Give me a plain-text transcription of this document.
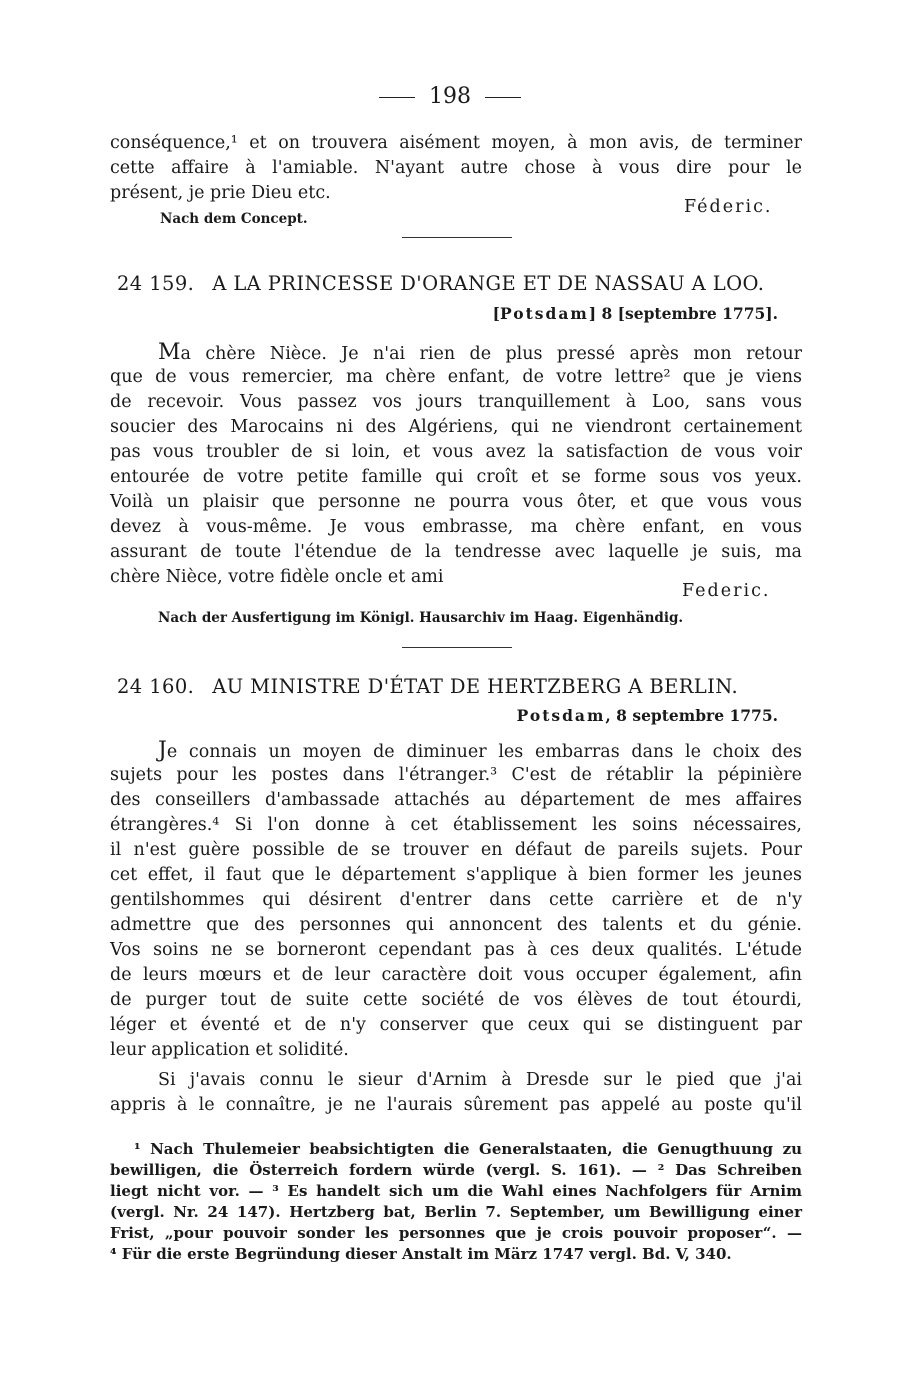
198
conséquence,¹ et on trouvera aisément moyen, à mon avis, de terminer
cette affaire à l'amiable. N'ayant autre chose à vous dire pour le
présent, je prie Dieu etc.
Féderic.
Nach dem Concept.
24 159. A LA PRINCESSE D'ORANGE ET DE NASSAU A LOO.
[Potsdam] 8 [septembre 1775].
Ma chère Nièce. Je n'ai rien de plus pressé après mon retour
que de vous remercier, ma chère enfant, de votre lettre² que je viens
de recevoir. Vous passez vos jours tranquillement à Loo, sans vous
soucier des Marocains ni des Algériens, qui ne viendront certainement
pas vous troubler de si loin, et vous avez la satisfaction de vous voir
entourée de votre petite famille qui croît et se forme sous vos yeux.
Voilà un plaisir que personne ne pourra vous ôter, et que vous vous
devez à vous-même. Je vous embrasse, ma chère enfant, en vous
assurant de toute l'étendue de la tendresse avec laquelle je suis, ma
chère Nièce, votre fidèle oncle et ami
Federic.
Nach der Ausfertigung im Königl. Hausarchiv im Haag. Eigenhändig.
24 160. AU MINISTRE D'ÉTAT DE HERTZBERG A BERLIN.
Potsdam, 8 septembre 1775.
Je connais un moyen de diminuer les embarras dans le choix des
sujets pour les postes dans l'étranger.³ C'est de rétablir la pépinière
des conseillers d'ambassade attachés au département de mes affaires
étrangères.⁴ Si l'on donne à cet établissement les soins nécessaires,
il n'est guère possible de se trouver en défaut de pareils sujets. Pour
cet effet, il faut que le département s'applique à bien former les jeunes
gentilshommes qui désirent d'entrer dans cette carrière et de n'y
admettre que des personnes qui annoncent des talents et du génie.
Vos soins ne se borneront cependant pas à ces deux qualités. L'étude
de leurs mœurs et de leur caractère doit vous occuper également, afin
de purger tout de suite cette société de vos élèves de tout étourdi,
léger et éventé et de n'y conserver que ceux qui se distinguent par
leur application et solidité.
Si j'avais connu le sieur d'Arnim à Dresde sur le pied que j'ai
appris à le connaître, je ne l'aurais sûrement pas appelé au poste qu'il
¹ Nach Thulemeier beabsichtigten die Generalstaaten, die Genugthuung zu
bewilligen, die Österreich fordern würde (vergl. S. 161). — ² Das Schreiben
liegt nicht vor. — ³ Es handelt sich um die Wahl eines Nachfolgers für Arnim
(vergl. Nr. 24 147). Hertzberg bat, Berlin 7. September, um Bewilligung einer
Frist, „pour pouvoir sonder les personnes que je crois pouvoir proposer“. —
⁴ Für die erste Begründung dieser Anstalt im März 1747 vergl. Bd. V, 340.
